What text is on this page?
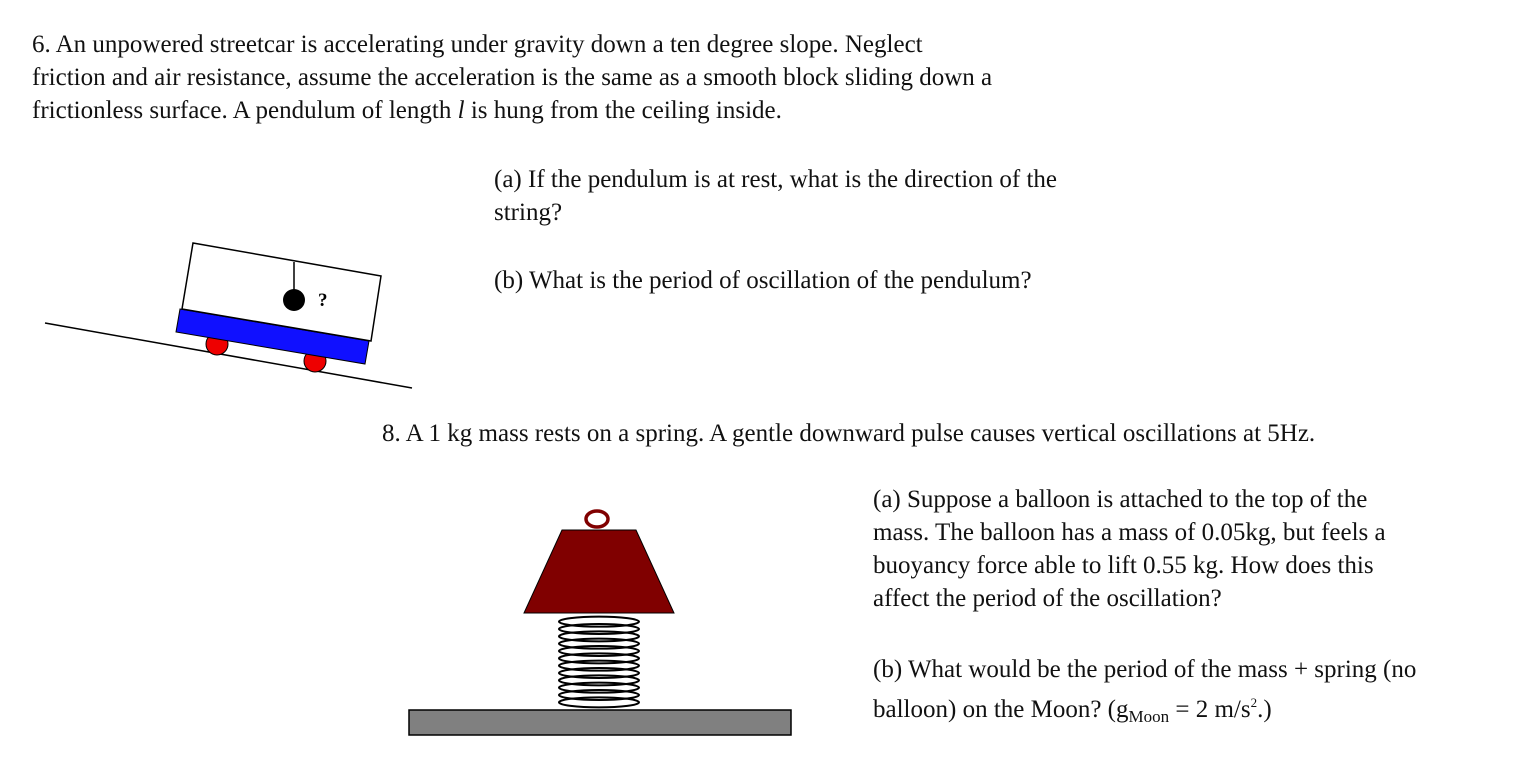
6. An unpowered streetcar is accelerating under gravity down a ten degree slope. Neglect
friction and air resistance, assume the acceleration is the same as a smooth block sliding down a
frictionless surface. A pendulum of length l is hung from the ceiling inside.

(a) If the pendulum is at rest, what is the direction of the
string?

(b) What is the period of oscillation of the pendulum?

8. A 1 kg mass rests on a spring. A gentle downward pulse causes vertical oscillations at 5Hz.

(a) Suppose a balloon is attached to the top of the
mass. The balloon has a mass of 0.05kg, but feels a
buoyancy force able to lift 0.55 kg. How does this
affect the period of the oscillation?

(b) What would be the period of the mass + spring (no
balloon) on the Moon? ($g_{Moon} = 2$ $m/s^2$.)

?
